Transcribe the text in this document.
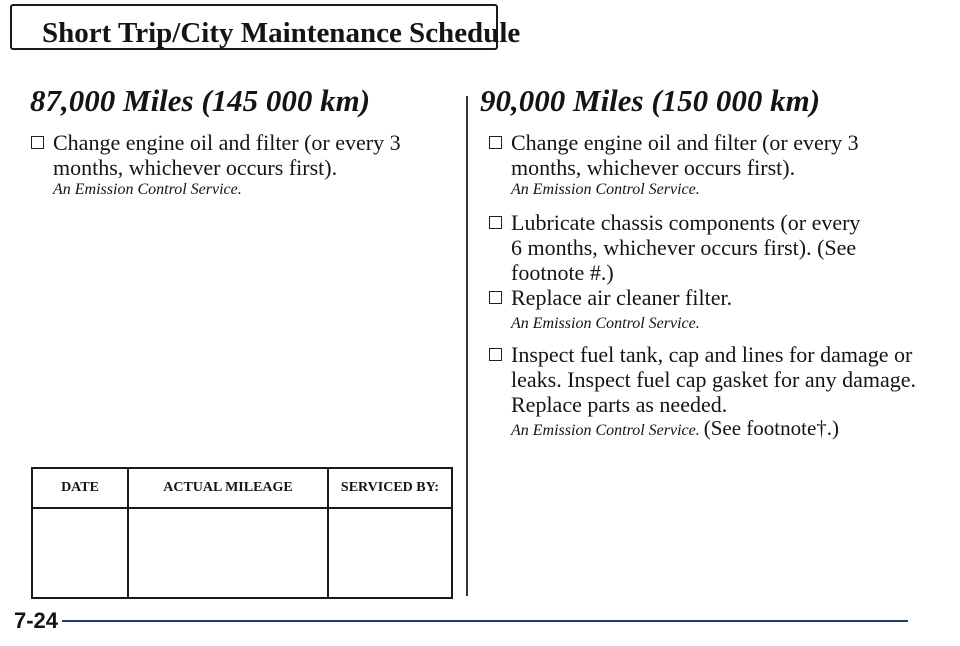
Short Trip/City Maintenance Schedule
87,000 Miles (145 000 km)
Change engine oil and filter (or every 3 months, whichever occurs first).
An Emission Control Service.
DATE	ACTUAL MILEAGE	SERVICED BY:

90,000 Miles (150 000 km)
Change engine oil and filter (or every 3 months, whichever occurs first).
An Emission Control Service.
Lubricate chassis components (or every 6 months, whichever occurs first). (See footnote #.)
Replace air cleaner filter.
An Emission Control Service.
Inspect fuel tank, cap and lines for damage or leaks. Inspect fuel cap gasket for any damage. Replace parts as needed.
An Emission Control Service. (See footnote†.)
7-24
